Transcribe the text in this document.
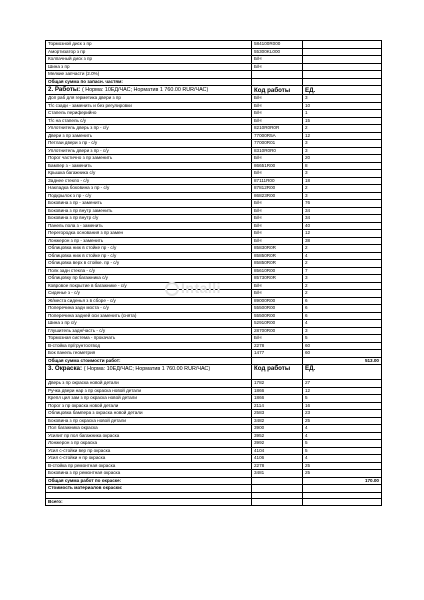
Тормозной диск з пр	584100R000	
Амортизатор з пр	55300KL000	
Колпачный диск з пр	Б/Н	
Шина з пр	Б/Н	
Мелкие запчасти (2.0%)		
Общая сумма по запасн. частям:		
2. Работы: ( Норма: 10ЕД/ЧАС; Норматив 1 760.00 RUR/ЧАС)	Код работы	ЕД.
Доп раб для герметика двери з пр	Б/Н	3
Т/с сзади - заменить и без регулировки	Б/Н	10
Стапель периферийно	Б/Н	1
Т/с на стапель с/у	Б/Н	15
Уплотнитель дверь з пр - с/у	8210R0R0R	2
Двери з пр заменить	77000R5A	12
Петлаи двери з пр - с/у	77000R01	3
Уплотнитель двери з пр - с/у	8310R0R0	3
Порог частично з пр заменить	Б/Н	20
Бампер з - заменить	86651R00	8
Крышка багажника с/у	Б/Н	3
Заднее стекло - с/у	87111R00	18
Накладка боковина з пр - с/у	87812R00	2
Подкрылок з пр - с/у	86823R00	3
Боковина з пр - заменить	Б/Н	76
Боковина з пр внутр заменить	Б/Н	34
Боковина з пр внутр с/у	Б/Н	34
Панель пола з - заменить	Б/Н	40
Перегородка основания з пр замен	Б/Н	12
Лонжерон з пр - заменить	Б/Н	38
Облицовка ниж в стойке пр - с/у	85830R0R	2
Облицовка ниж в стойке пр - с/у	85850R0R	4
Облицовка верх в стойке. пр - с/у	85850R0R	2
Полк задн стекла - с/у	85610R00	7
Облицовку пр багажника с/у	85730R0R	3
Ковровое покрытие в багажнике - с/у	Б/Н	2
Сиденье з - с/у	Б/Н	2
Ж/места сиденья з в сборе - с/у	89000R00	6
Поперечина задн моста - с/у	55500R00	6
Поперечина задней оси заменить (снята)	55500R00	6
Шина з пр с/у	52910R00	4
Глушитель задн/часть - с/у	28700R00	3
Тормозная система - прокачать	Б/Н	5
В-стойка пр/грунтоотвод	2278	60
Бок панель геометрия	1477	60
Общая сумма стоимости работ:		513.00
3. Окраска: ( Норма: 10ЕД/ЧАС; Норматив 1 760.00 RUR/ЧАС)	Код работы	ЕД.
Дверь з пр окраска новой детали	1782	27
Ручка двери нар з пр окраска новой детали	1866	12
Крепл цил зам з пр окраска новой детали	1866	5
Порог з пр окраска новой детали	2114	16
Облицовка бампера з окраска новой детали	2583	23
Боковина з пр окраска новой детали	3482	25
Пол багажника окраска	3900	4
Усилит пр пол багажника окраска	3952	4
Лонжерон з пр окраска	3992	5
Усил с-стойки вер пр окраска	4104	5
Усил с-стойки н пр окраска	4106	4
В-стойка пр ремонтная окраска	2278	25
Боковина з пр ремонтная окраска	3481	25
Общая сумма работ по окраске:		170.00
Стоимость материалов окраски:		

Всего:		
Intalli
